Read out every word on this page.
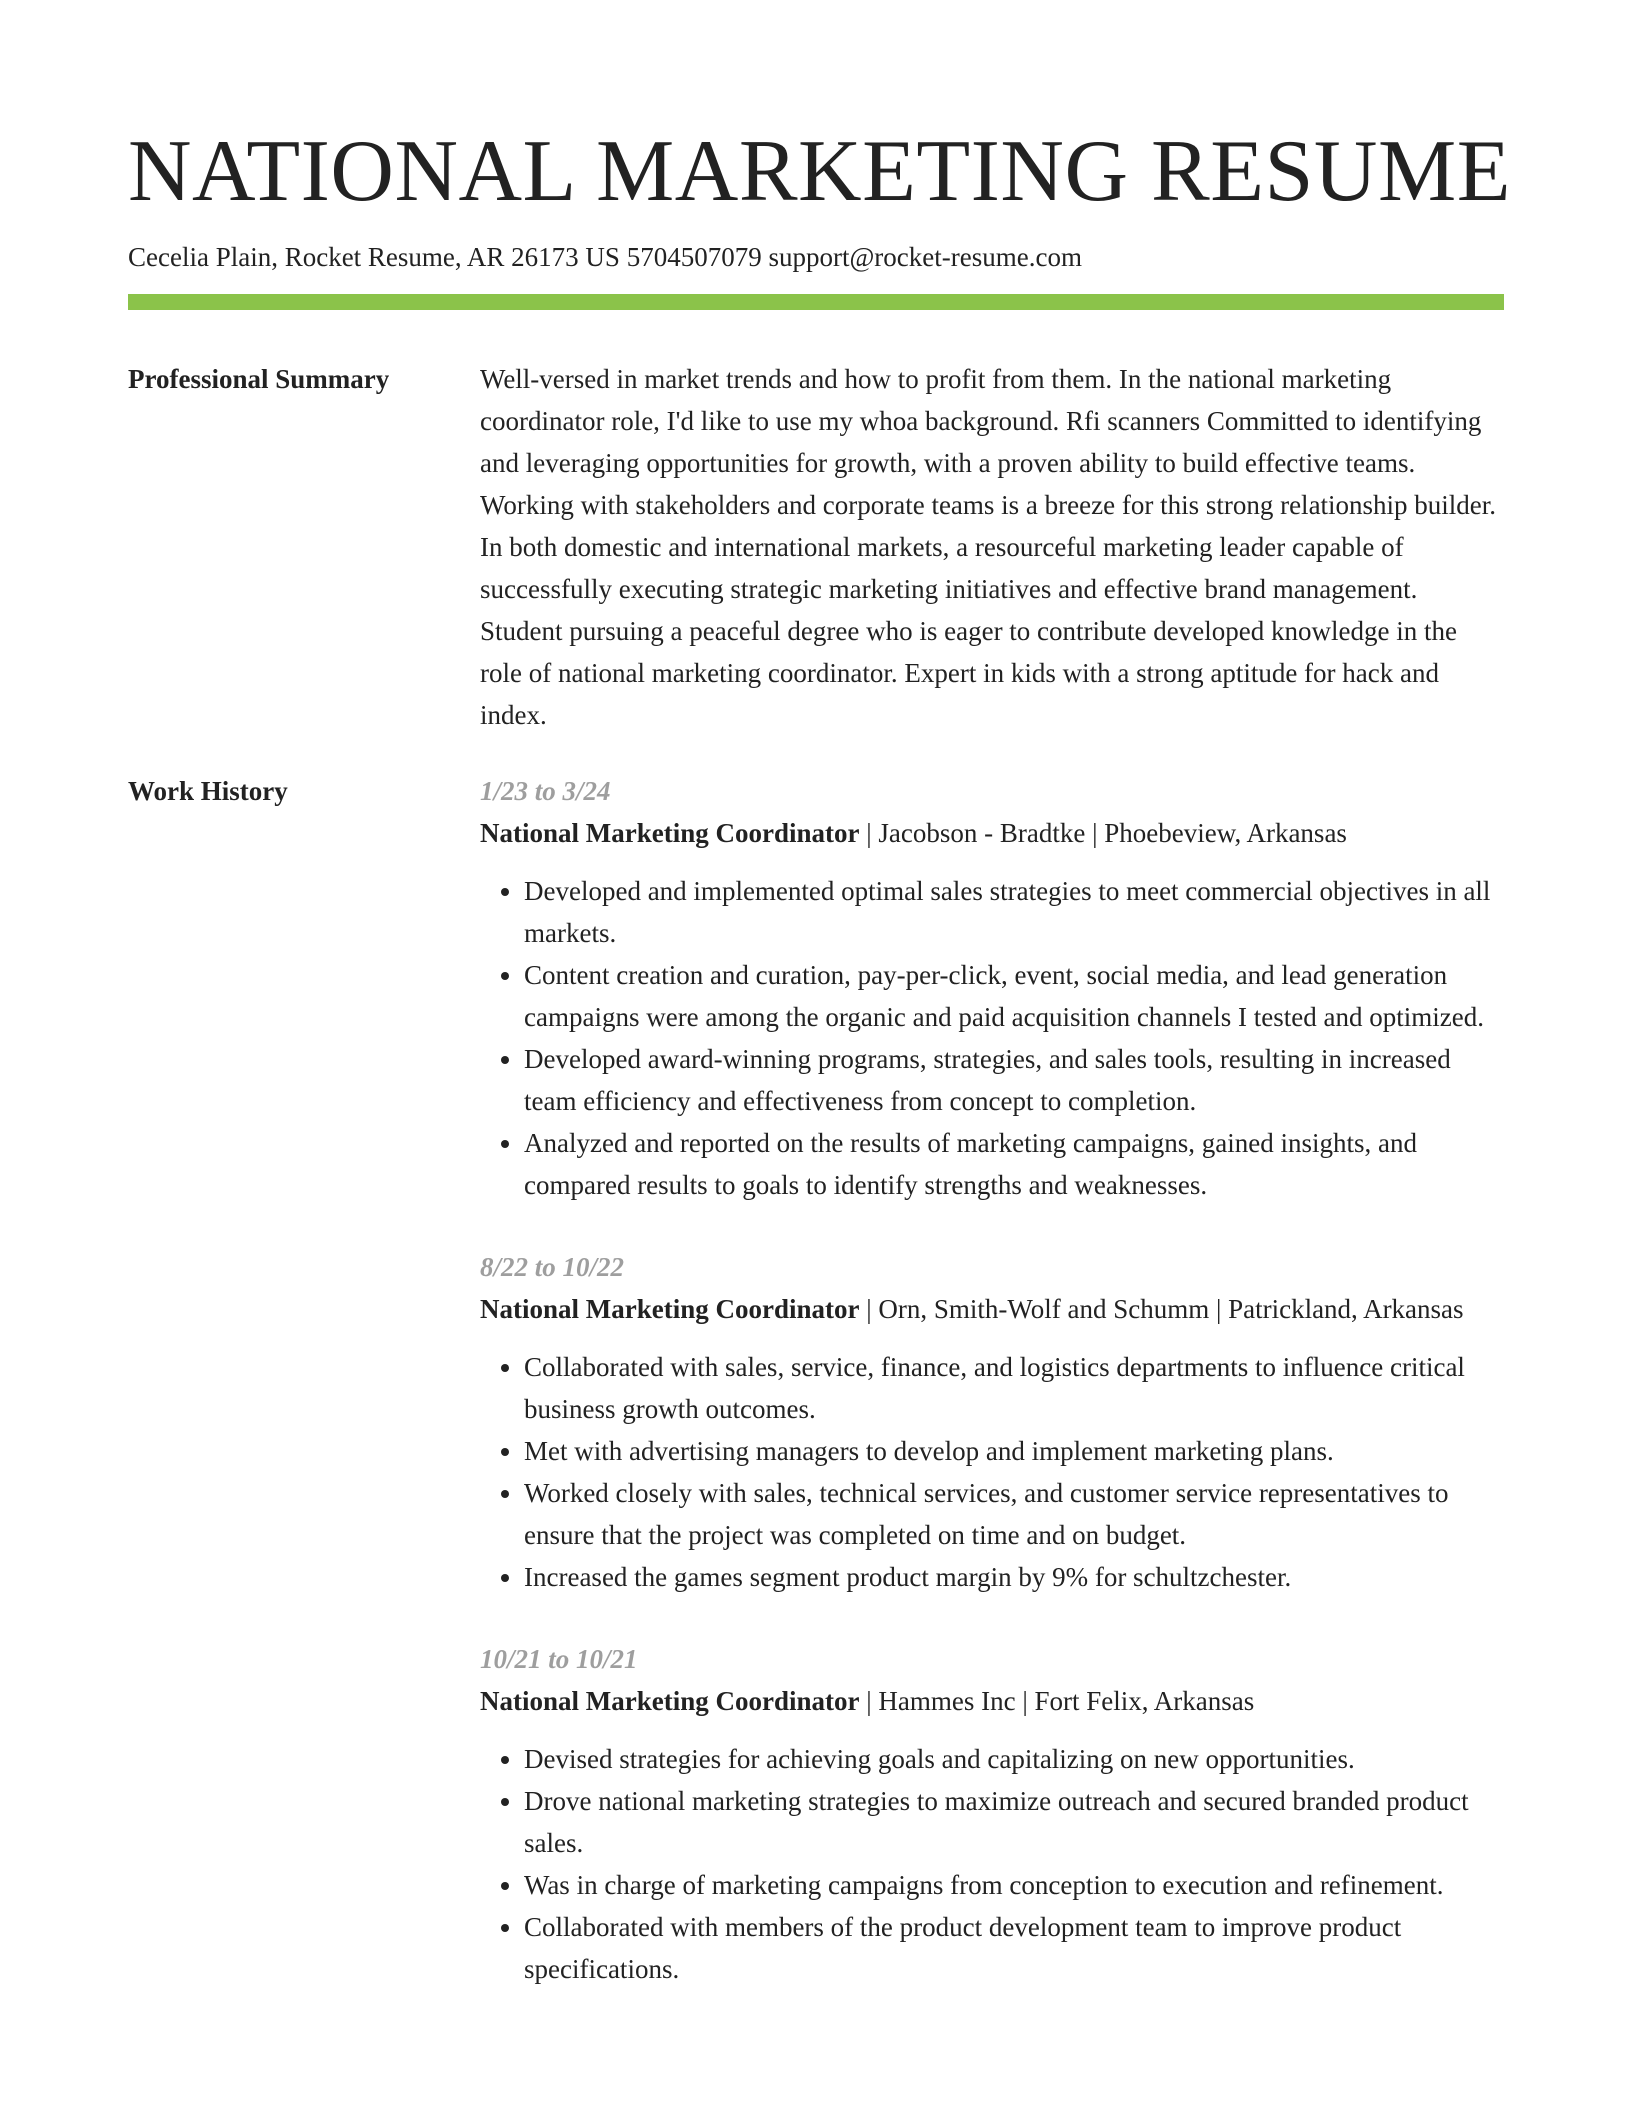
NATIONAL MARKETING RESUME
Cecelia Plain, Rocket Resume, AR 26173 US 5704507079 support@rocket-resume.com
Professional Summary	Well-versed in market trends and how to profit from them. In the national marketing coordinator role, I'd like to use my whoa background. Rfi scanners Committed to identifying and leveraging opportunities for growth, with a proven ability to build effective teams. Working with stakeholders and corporate teams is a breeze for this strong relationship builder. In both domestic and international markets, a resourceful marketing leader capable of successfully executing strategic marketing initiatives and effective brand management. Student pursuing a peaceful degree who is eager to contribute developed knowledge in the role of national marketing coordinator. Expert in kids with a strong aptitude for hack and index.

Work History	1/23 to 3/24
National Marketing Coordinator | Jacobson - Bradtke | Phoebeview, Arkansas
• Developed and implemented optimal sales strategies to meet commercial objectives in all markets.
• Content creation and curation, pay-per-click, event, social media, and lead generation campaigns were among the organic and paid acquisition channels I tested and optimized.
• Developed award-winning programs, strategies, and sales tools, resulting in increased team efficiency and effectiveness from concept to completion.
• Analyzed and reported on the results of marketing campaigns, gained insights, and compared results to goals to identify strengths and weaknesses.
8/22 to 10/22
National Marketing Coordinator | Orn, Smith-Wolf and Schumm | Patrickland, Arkansas
• Collaborated with sales, service, finance, and logistics departments to influence critical business growth outcomes.
• Met with advertising managers to develop and implement marketing plans.
• Worked closely with sales, technical services, and customer service representatives to ensure that the project was completed on time and on budget.
• Increased the games segment product margin by 9% for schultzchester.
10/21 to 10/21
National Marketing Coordinator | Hammes Inc | Fort Felix, Arkansas
• Devised strategies for achieving goals and capitalizing on new opportunities.
• Drove national marketing strategies to maximize outreach and secured branded product sales.
• Was in charge of marketing campaigns from conception to execution and refinement.
• Collaborated with members of the product development team to improve product specifications.
